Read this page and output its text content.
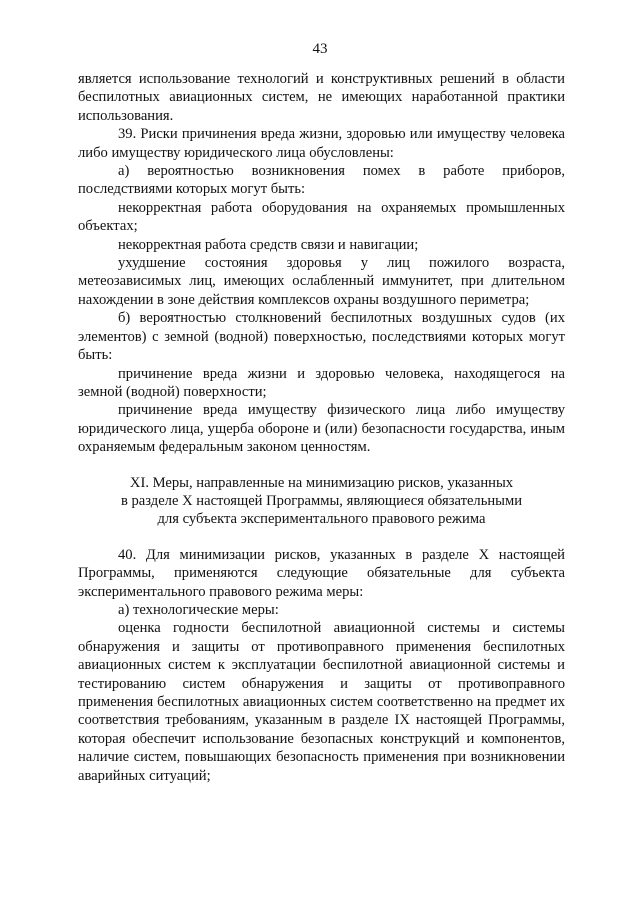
43

является использование технологий и конструктивных решений в области беспилотных авиационных систем, не имеющих наработанной практики использования.

39. Риски причинения вреда жизни, здоровью или имуществу человека либо имуществу юридического лица обусловлены:

а) вероятностью возникновения помех в работе приборов, последствиями которых могут быть:

некорректная работа оборудования на охраняемых промышленных объектах;

некорректная работа средств связи и навигации;

ухудшение состояния здоровья у лиц пожилого возраста, метеозависимых лиц, имеющих ослабленный иммунитет, при длительном нахождении в зоне действия комплексов охраны воздушного периметра;

б) вероятностью столкновений беспилотных воздушных судов (их элементов) с земной (водной) поверхностью, последствиями которых могут быть:

причинение вреда жизни и здоровью человека, находящегося на земной (водной) поверхности;

причинение вреда имуществу физического лица либо имуществу юридического лица, ущерба обороне и (или) безопасности государства, иным охраняемым федеральным законом ценностям.

XI. Меры, направленные на минимизацию рисков, указанных
в разделе X настоящей Программы, являющиеся обязательными
для субъекта экспериментального правового режима

40. Для минимизации рисков, указанных в разделе X настоящей Программы, применяются следующие обязательные для субъекта экспериментального правового режима меры:

а) технологические меры:

оценка годности беспилотной авиационной системы и системы обнаружения и защиты от противоправного применения беспилотных авиационных систем к эксплуатации беспилотной авиационной системы и тестированию систем обнаружения и защиты от противоправного применения беспилотных авиационных систем соответственно на предмет их соответствия требованиям, указанным в разделе IX настоящей Программы, которая обеспечит использование безопасных конструкций и компонентов, наличие систем, повышающих безопасность применения при возникновении аварийных ситуаций;
